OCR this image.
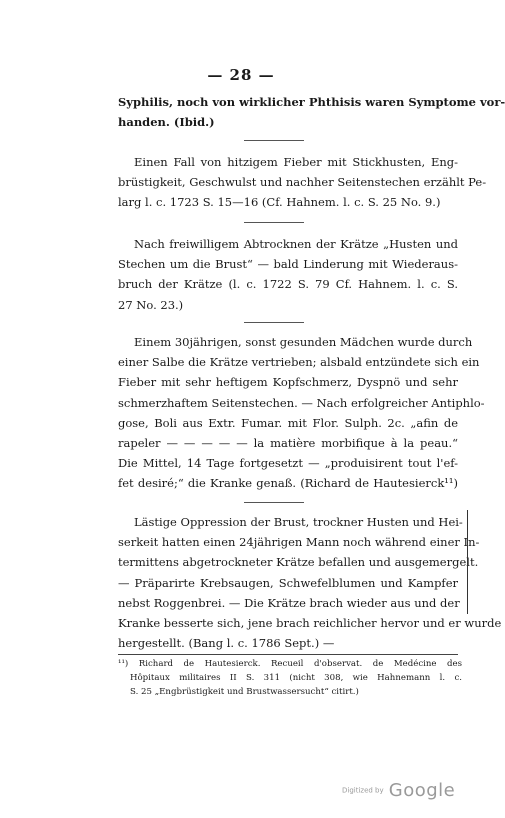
— 28 —
Syphilis, noch von wirklicher Phthisis waren Symptome vor-
handen. (Ibid.)
Einen Fall von hitzigem Fieber mit Stickhusten, Eng-
brüstigkeit, Geschwulst und nachher Seitenstechen erzählt Pe-
larg l. c. 1723 S. 15—16 (Cf. Hahnem. l. c. S. 25 No. 9.)
Nach freiwilligem Abtrocknen der Krätze „Husten und
Stechen um die Brust“ — bald Linderung mit Wiederaus-
bruch der Krätze (l. c. 1722 S. 79 Cf. Hahnem. l. c. S.
27 No. 23.)
Einem 30jährigen, sonst gesunden Mädchen wurde durch
einer Salbe die Krätze vertrieben; alsbald entzündete sich ein
Fieber mit sehr heftigem Kopfschmerz, Dyspnö und sehr
schmerzhaftem Seitenstechen. — Nach erfolgreicher Antiphlo-
gose, Boli aus Extr. Fumar. mit Flor. Sulph. 2c. „afin de
rapeler — — — — — la matière morbifique à la peau.“
Die Mittel, 14 Tage fortgesetzt — „produisirent tout l'ef-
fet desiré;“ die Kranke genaß. (Richard de Hautesierck¹¹)
Lästige Oppression der Brust, trockner Husten und Hei-
serkeit hatten einen 24jährigen Mann noch während einer In-
termittens abgetrockneter Krätze befallen und ausgemergelt.
— Präparirte Krebsaugen, Schwefelblumen und Kampfer
nebst Roggenbrei. — Die Krätze brach wieder aus und der
Kranke besserte sich, jene brach reichlicher hervor und er wurde
hergestellt. (Bang l. c. 1786 Sept.) —
¹¹) Richard de Hautesierck. Recueil d'observat. de Medécine des
Hôpitaux militaires II S. 311 (nicht 308, wie Hahnemann l. c.
S. 25 „Engbrüstigkeit und Brustwassersucht“ citirt.)
Digitized by Google
